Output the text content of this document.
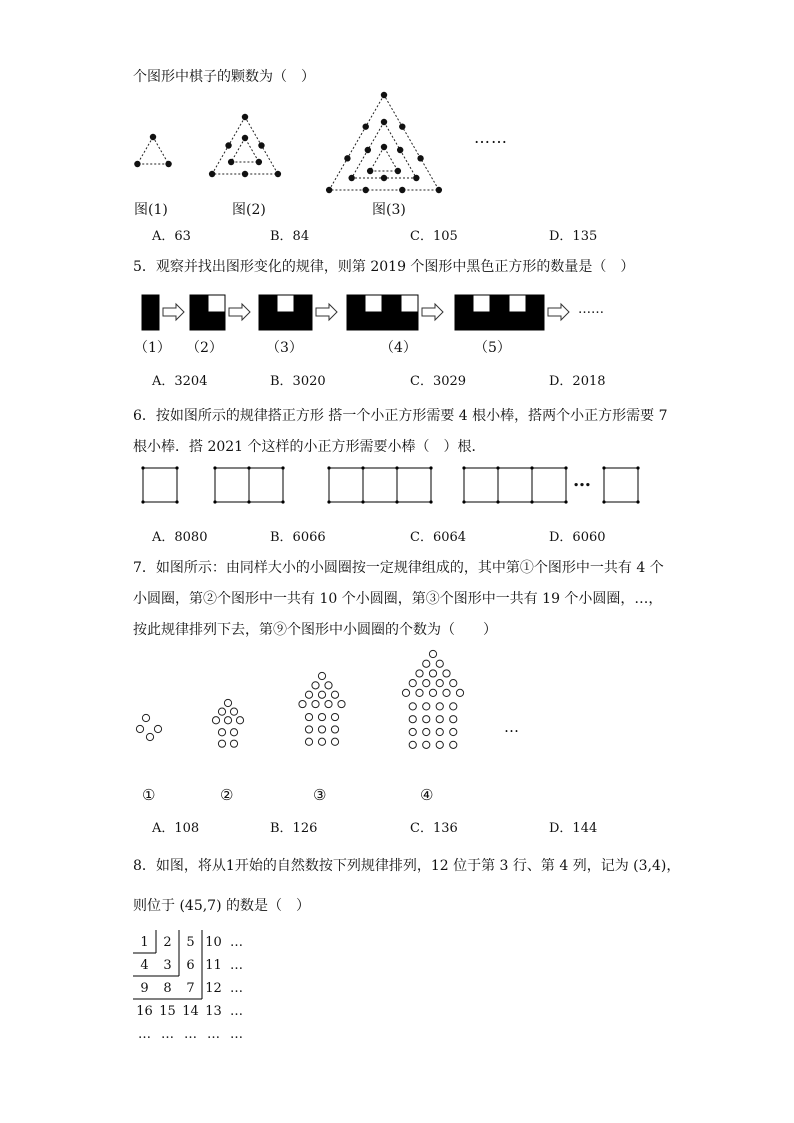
个图形中棋子的颗数为（　）
……
图(1)	图(2)	图(3)
A．63	B．84	C．105	D．135
5．观察并找出图形变化的规律，则第 2019 个图形中黑色正方形的数量是（　）
……
（1） （2）	（3）	（4）	（5）
A．3204	B．3020	C．3029	D．2018
6．按如图所示的规律搭正方形 搭一个小正方形需要 4 根小棒，搭两个小正方形需要 7
根小棒．搭 2021 个这样的小正方形需要小棒（　）根．
…
A．8080	B．6066	C．6064	D．6060
7．如图所示：由同样大小的小圆圈按一定规律组成的，其中第①个图形中一共有 4 个
小圆圈，第②个图形中一共有 10 个小圆圈，第③个图形中一共有 19 个小圆圈，…，
按此规律排列下去，第⑨个图形中小圆圈的个数为（　　）
…
①	②	③	④
A．108	B．126	C．136	D．144
8．如图，将从1开始的自然数按下列规律排列，12 位于第 3 行、第 4 列，记为 (3,4)，
则位于 (45,7) 的数是（　）
1 2 5 10 …
4 3 6 11 …
9 8 7 12 …
16 15 14 13 …
… … … … …
